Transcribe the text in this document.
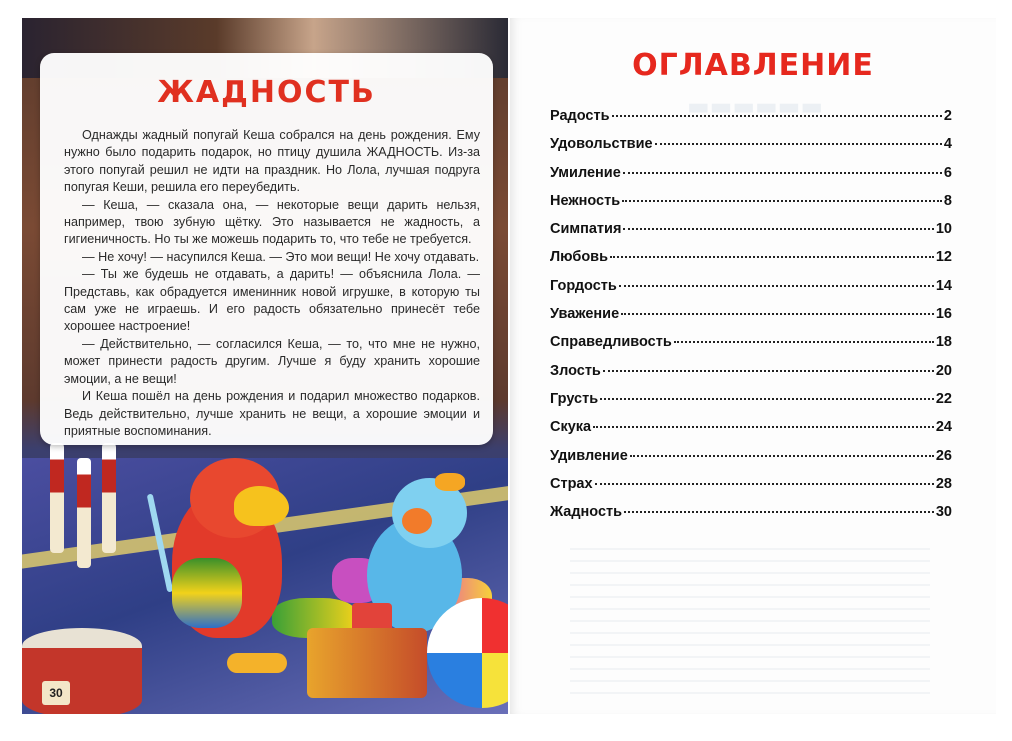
ЖАДНОСТЬ

Однажды жадный попугай Кеша собрался на день рождения. Ему нужно было подарить подарок, но птицу душила ЖАДНОСТЬ. Из-за этого попугай решил не идти на праздник. Но Лола, лучшая подруга попугая Кеши, решила его переубедить.

— Кеша, — сказала она, — некоторые вещи дарить нельзя, например, твою зубную щётку. Это называется не жадность, а гигиеничность. Но ты же можешь подарить то, что тебе не требуется.

— Не хочу! — насупился Кеша. — Это мои вещи! Не хочу отдавать.

— Ты же будешь не отдавать, а дарить! — объяснила Лола. — Представь, как обрадуется именинник новой игрушке, в которую ты сам уже не играешь. И его радость обязательно принесёт тебе хорошее настроение!

— Действительно, — согласился Кеша, — то, что мне не нужно, может принести радость другим. Лучше я буду хранить хорошие эмоции, а не вещи!

И Кеша пошёл на день рождения и подарил множество подарков. Ведь действительно, лучше хранить не вещи, а хорошие эмоции и приятные воспоминания.

30
▬▬▬▬▬▬
ОГЛАВЛЕНИЕ
Радость	2
Удовольствие	4
Умиление	6
Нежность	8
Симпатия	10
Любовь	12
Гордость	14
Уважение	16
Справедливость	18
Злость	20
Грусть	22
Скука	24
Удивление	26
Страх	28
Жадность	30
